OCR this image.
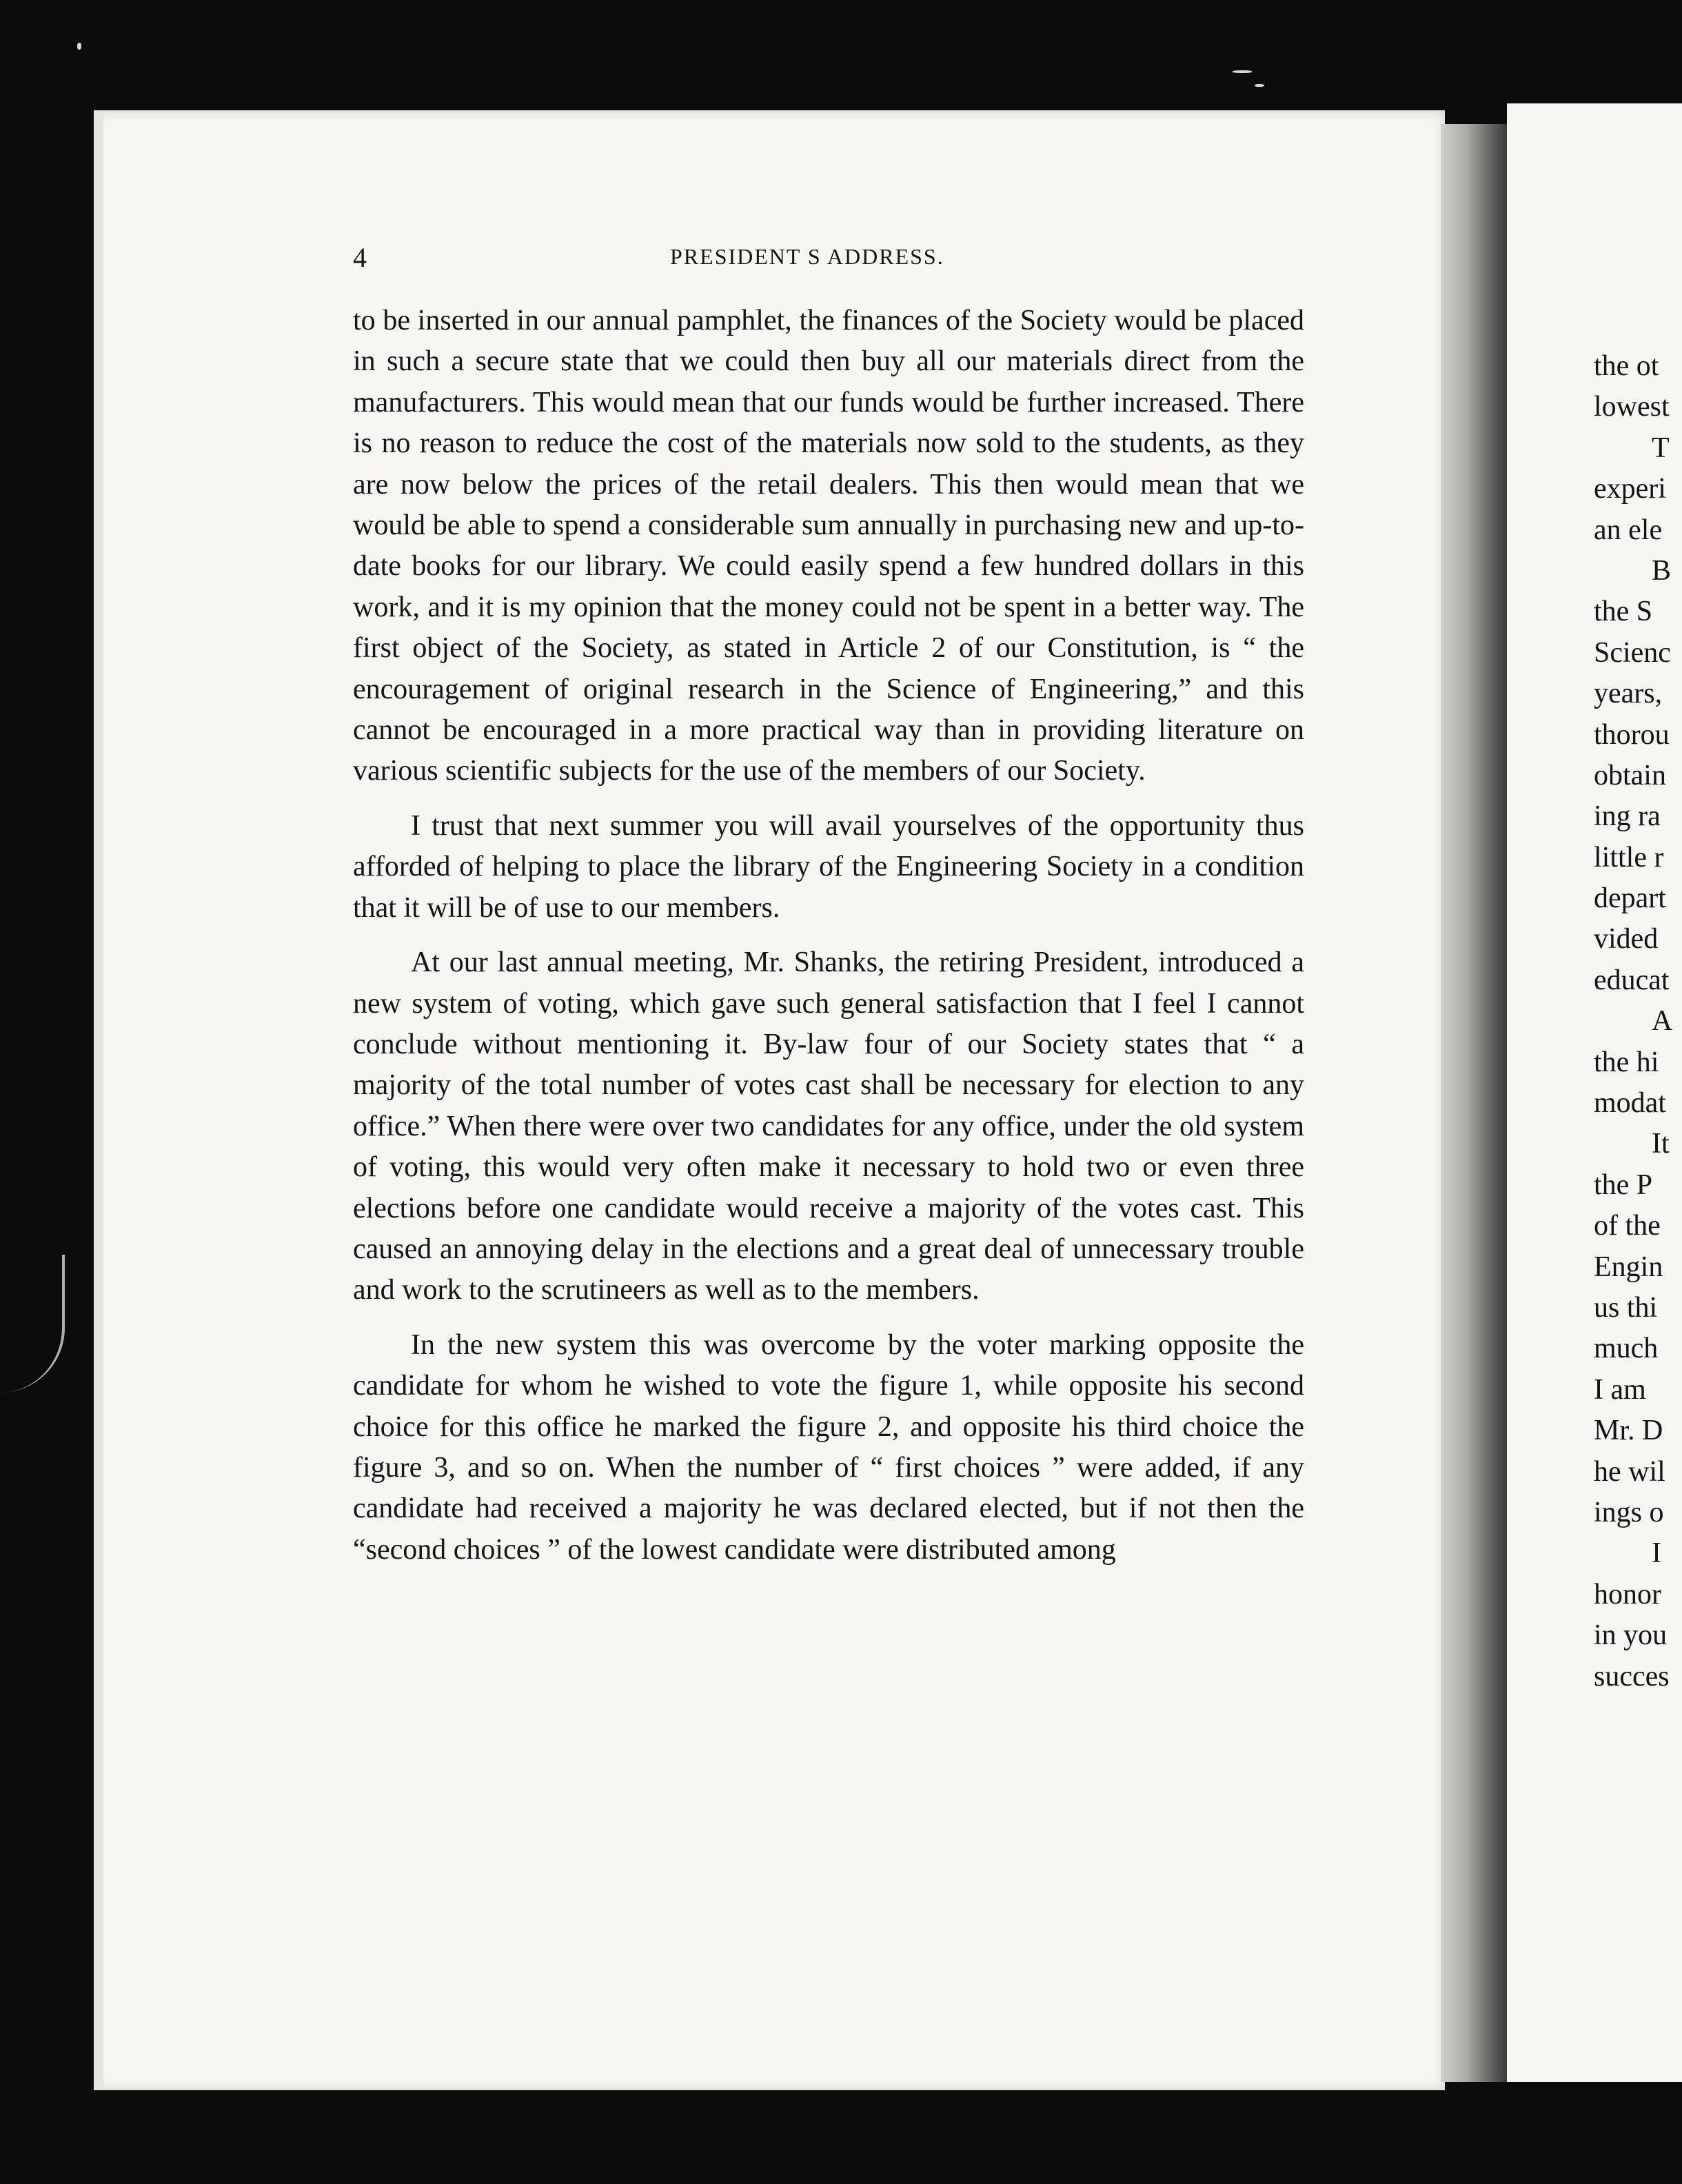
4	PRESIDENT S ADDRESS.

to be inserted in our annual pamphlet, the finances of the Society would be placed in such a secure state that we could then buy all our materials direct from the manufacturers. This would mean that our funds would be further increased. There is no reason to reduce the cost of the materials now sold to the students, as they are now below the prices of the retail dealers. This then would mean that we would be able to spend a considerable sum annually in purchasing new and up-to-date books for our library. We could easily spend a few hundred dollars in this work, and it is my opinion that the money could not be spent in a better way. The first object of the Society, as stated in Article 2 of our Constitution, is “ the encouragement of original research in the Science of Engineering,” and this cannot be encouraged in a more practical way than in providing literature on various scientific subjects for the use of the members of our Society.

I trust that next summer you will avail yourselves of the opportunity thus afforded of helping to place the library of the Engineering Society in a condition that it will be of use to our members.

At our last annual meeting, Mr. Shanks, the retiring President, introduced a new system of voting, which gave such general satisfaction that I feel I cannot conclude without mentioning it. By-law four of our Society states that “ a majority of the total number of votes cast shall be necessary for election to any office.” When there were over two candidates for any office, under the old system of voting, this would very often make it necessary to hold two or even three elections before one candidate would receive a majority of the votes cast. This caused an annoying delay in the elections and a great deal of unnecessary trouble and work to the scrutineers as well as to the members.

In the new system this was overcome by the voter marking opposite the candidate for whom he wished to vote the figure 1, while opposite his second choice for this office he marked the figure 2, and opposite his third choice the figure 3, and so on. When the number of “ first choices ” were added, if any candidate had received a majority he was declared elected, but if not then the “second choices ” of the lowest candidate were distributed among

the ot
lowest
T
experi
an ele
B
the S
Scienc
years,
thorou
obtain
ing ra
little r
depart
vided
educat
A
the hi
modat
It
the P
of the
Engin
us thi
much
I am
Mr. D
he wil
ings o
I
honor
in you
succes
